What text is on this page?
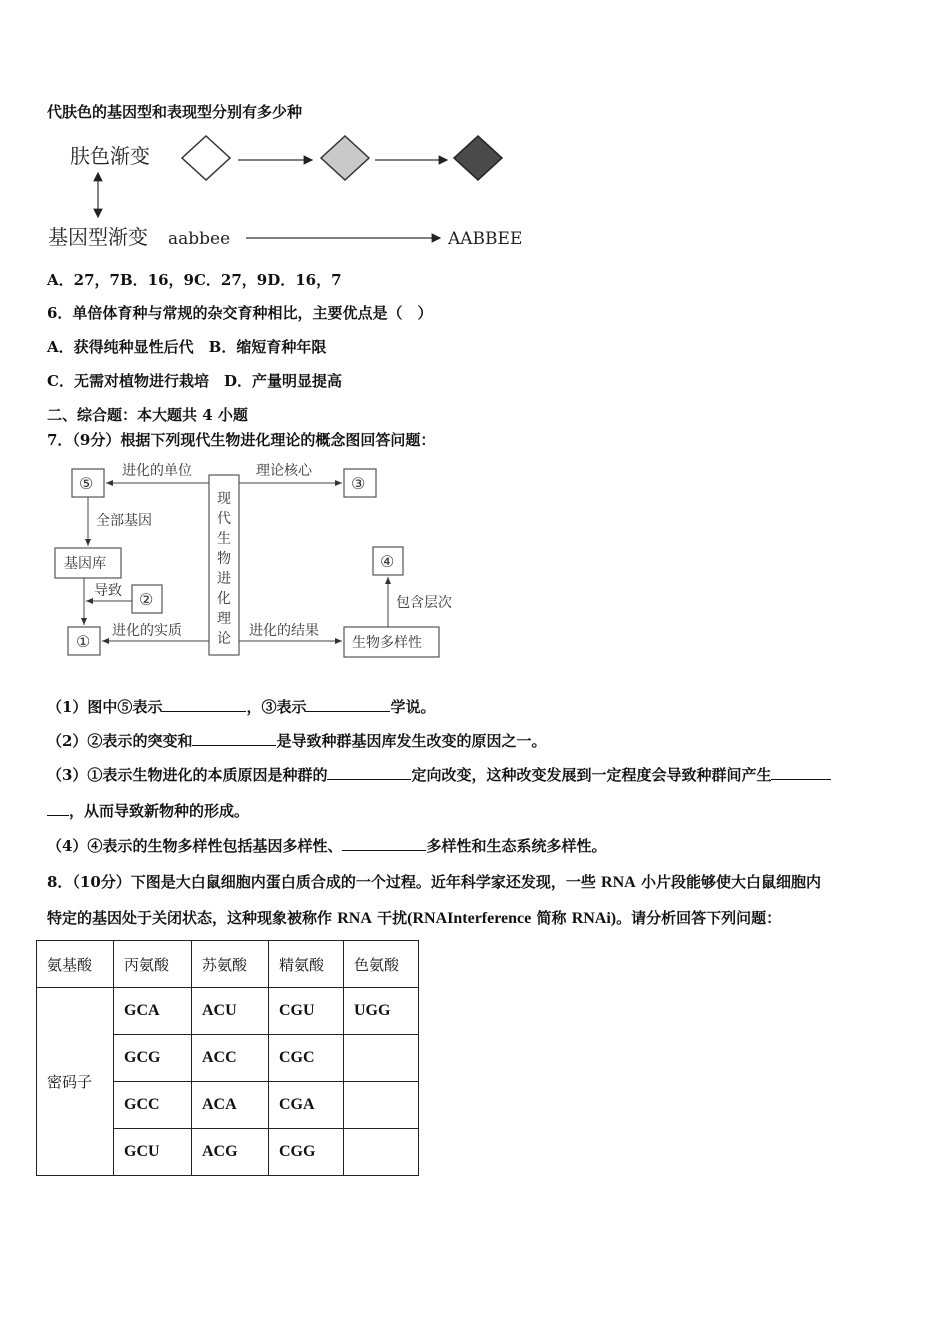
代肤色的基因型和表现型分别有多少种
肤色渐变
基因型渐变 aabbee	AABBEE
A．27，7B．16，9C．27，9D．16，7
6．单倍体育种与常规的杂交育种相比，主要优点是（　）
A．获得纯种显性后代　 B．缩短育种年限
C．无需对植物进行栽培　 D．产量明显提高
二、综合题：本大题共 4 小题
7．（9分）根据下列现代生物进化理论的概念图回答问题：
现
代
生
物
进
化
理
论
⑤	③
基因库
②
①
④
生物多样性
进化的单位	理论核心
全部基因
导致
进化的实质	进化的结果
包含层次
（1）图中⑤表示	，③表示	学说。
（2）②表示的突变和	是导致种群基因库发生改变的原因之一。
（3）①表示生物进化的本质原因是种群的	定向改变，这种改变发展到一定程度会导致种群间产生
，从而导致新物种的形成。
（4）④表示的生物多样性包括基因多样性、	多样性和生态系统多样性。
8．（10分）下图是大白鼠细胞内蛋白质合成的一个过程。近年科学家还发现，一些 RNA 小片段能够使大白鼠细胞内
特定的基因处于关闭状态，这种现象被称作 RNA 干扰(RNAInterference 简称 RNAi)。请分析回答下列问题：
氨基酸	丙氨酸	苏氨酸	精氨酸	色氨酸
密码子	GCA	ACU	CGU	UGG
	GCG	ACC	CGC	
	GCC	ACA	CGA	
	GCU	ACG	CGG	
